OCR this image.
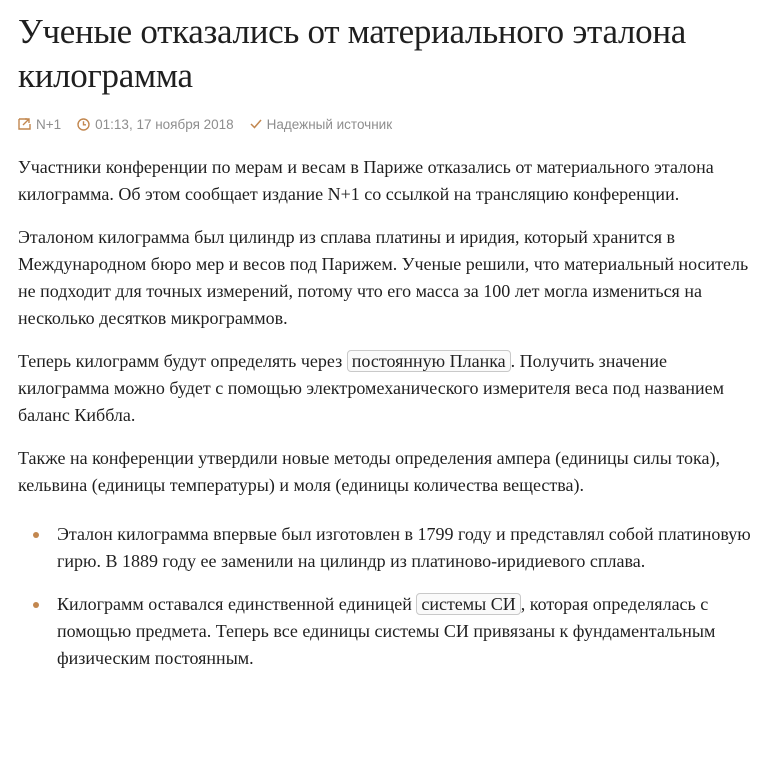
Ученые отказались от материального эталона килограмма
N+1	01:13, 17 ноября 2018 Надежный источник

Участники конференции по мерам и весам в Париже отказались от материального эталона килограмма. Об этом сообщает издание N+1 со ссылкой на трансляцию конференции.

Эталоном килограмма был цилиндр из сплава платины и иридия, который хранится в Международном бюро мер и весов под Парижем. Ученые решили, что материальный носитель не подходит для точных измерений, потому что его масса за 100 лет могла измениться на несколько десятков микрограммов.

Теперь килограмм будут определять через постоянную Планка . Получить значение килограмма можно будет с помощью электромеханического измерителя веса под названием баланс Киббла.

Также на конференции утвердили новые методы определения ампера (единицы силы тока), кельвина (единицы температуры) и моля (единицы количества вещества).

Эталон килограмма впервые был изготовлен в 1799 году и представлял собой платиновую гирю. В 1889 году ее заменили на цилиндр из платиново-иридиевого сплава.
Килограмм оставался единственной единицей системы СИ , которая определялась с помощью предмета. Теперь все единицы системы СИ привязаны к фундаментальным физическим постоянным.
